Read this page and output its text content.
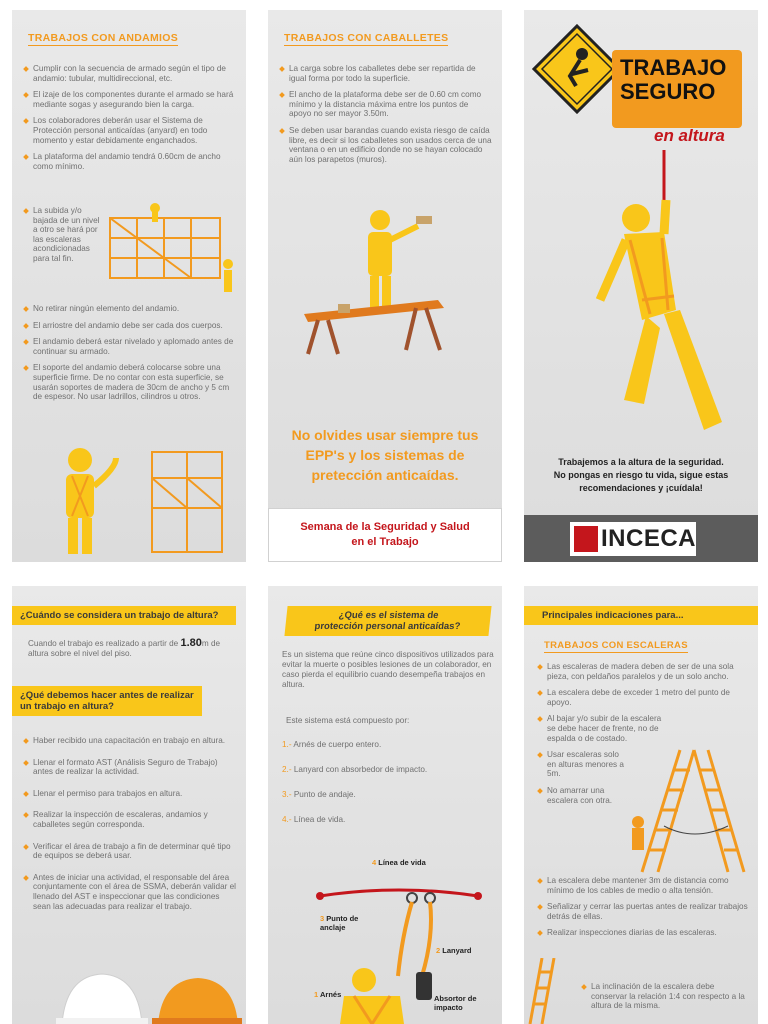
TRABAJOS CON ANDAMIOS
Cumplir con la secuencia de armado según el tipo de andamio: tubular, multidireccional, etc.
El izaje de los componentes durante el armado se hará mediante sogas y asegurando bien la carga.
Los colaboradores deberán usar el Sistema de Protección personal anticaídas (anyard) en todo momento y estar debidamente enganchados.
La plataforma del andamio tendrá 0.60cm de ancho como mínimo.
La subida y/o bajada de un nivel a otro se hará por las escaleras acondicionadas para tal fin.
No retirar ningún elemento del andamio.
El arriostre del andamio debe ser cada dos cuerpos.
El andamio deberá estar nivelado y aplomado antes de continuar su armado.
El soporte del andamio deberá colocarse sobre una superficie firme. De no contar con esta superficie, se usarán soportes de madera de 30cm de ancho y 5 cm de espesor. No usar ladrillos, cilindros u otros.
TRABAJOS CON CABALLETES
La carga sobre los caballetes debe ser repartida de igual forma por todo la superficie.
El ancho de la plataforma debe ser de 0.60 cm como mínimo y la distancia máxima entre los puntos de apoyo no ser mayor 3.50m.
Se deben usar barandas cuando exista riesgo de caída libre, es decir si los caballetes son usados cerca de una ventana o en un edificio donde no se hayan colocado aún los parapetos (muros).
No olvides usar siempre tus
EPP's y los sistemas de
pretección anticaídas.
Semana de la Seguridad y Salud
en el Trabajo
TRABAJO
SEGURO
en altura
Trabajemos a la altura de la seguridad.
No pongas en riesgo tu vida, sigue estas
recomendaciones y ¡cuídala!
INCECA
¿Cuándo se considera un trabajo de altura?
Cuando el trabajo es realizado a partir de 1.80m de altura sobre el nivel del piso.
¿Qué debemos hacer antes de realizar
un trabajo en altura?
Haber recibido una capacitación en trabajo en altura.
Llenar el formato AST (Análisis Seguro de Trabajo) antes de realizar la actividad.
Llenar el permiso para trabajos en altura.
Realizar la inspección de escaleras, andamios y caballetes según corresponda.
Verificar el área de trabajo a fin de determinar qué tipo de equipos se deberá usar.
Antes de iniciar una actividad, el responsable del área conjuntamente con el área de SSMA, deberán validar el llenado del AST e inspeccionar que las condiciones sean las adecuadas para realizar el trabajo.
¿Qué es el sistema de
protección personal anticaídas?
Es un sistema que reúne cinco dispositivos utilizados para evitar la muerte o posibles lesiones de un colaborador, en caso pierda el equilibrio cuando desempeña trabajos en altura.
Este sistema está compuesto por:
1.- Arnés de cuerpo entero.
2.- Lanyard con absorbedor de impacto.
3.- Punto de andaje.
4.- Línea de vida.
4 Línea de vida
3 Punto de
anclaje
2 Lanyard
1 Arnés	Absortor de
impacto
Principales indicaciones para...
TRABAJOS CON ESCALERAS
Las escaleras de madera deben de ser de una sola pieza, con peldaños paralelos y de un solo ancho.
La escalera debe de exceder 1 metro del punto de apoyo.
Al bajar y/o subir de la escalera se debe hacer de frente, no de espalda o de costado.
Usar escaleras solo en alturas menores a 5m.
No amarrar una escalera con otra.
La escalera debe mantener 3m de distancia como mínimo de los cables de medio o alta tensión.
Señalizar y cerrar las puertas antes de realizar trabajos detrás de ellas.
Realizar inspecciones diarias de las escaleras.
La inclinación de la escalera debe conservar la relación 1:4 con respecto a la altura de la misma.
